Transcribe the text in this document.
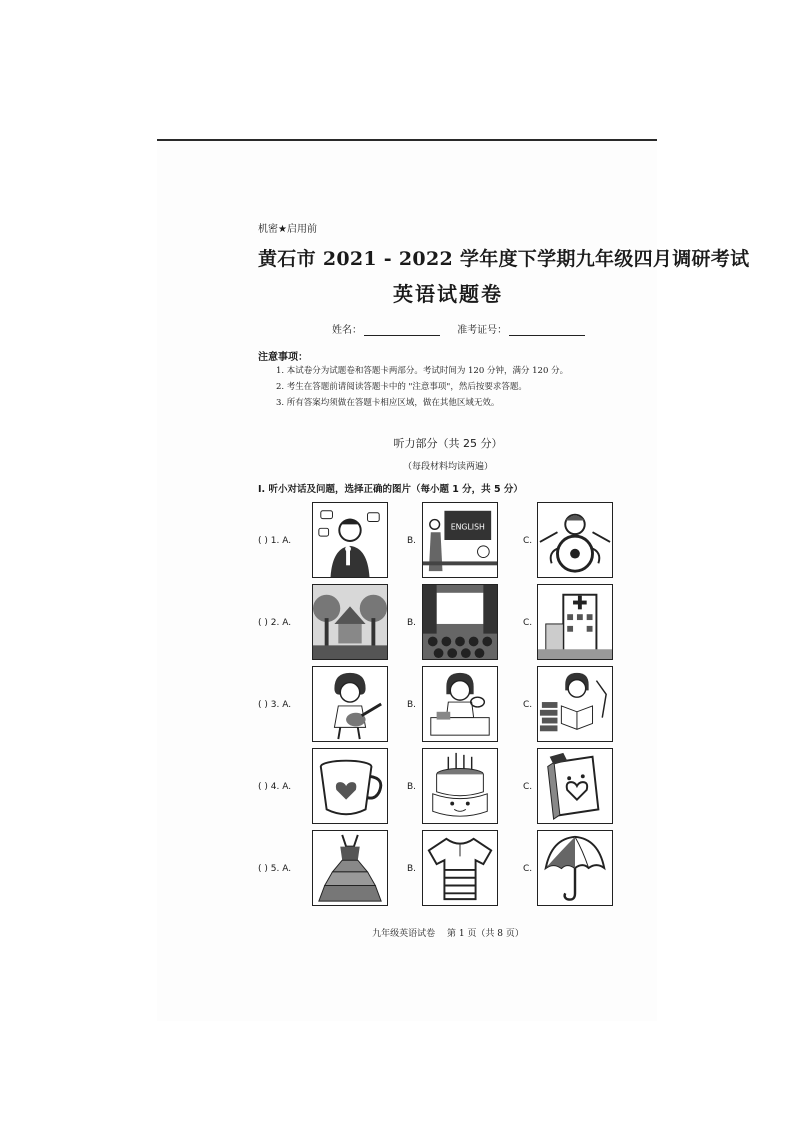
机密★启用前
黄石市 2021 - 2022 学年度下学期九年级四月调研考试
英语试题卷
姓名：	准考证号：
注意事项：
1. 本试卷分为试题卷和答题卡两部分。考试时间为 120 分钟，满分 120 分。
2. 考生在答题前请阅读答题卡中的 "注意事项"，然后按要求答题。
3. 所有答案均须做在答题卡相应区域，做在其他区域无效。
听力部分（共 25 分）
（每段材料均读两遍）
I. 听小对话及问题，选择正确的图片（每小题 1 分，共 5 分）
( ) 1. A.	B.	C.
( ) 2. A.	B.	C.
( ) 3. A.	B.	C.
( ) 4. A.	B.	C.
( ) 5. A.	B.	C.
ENGLISH
九年级英语试卷　 第 1 页（共 8 页）
